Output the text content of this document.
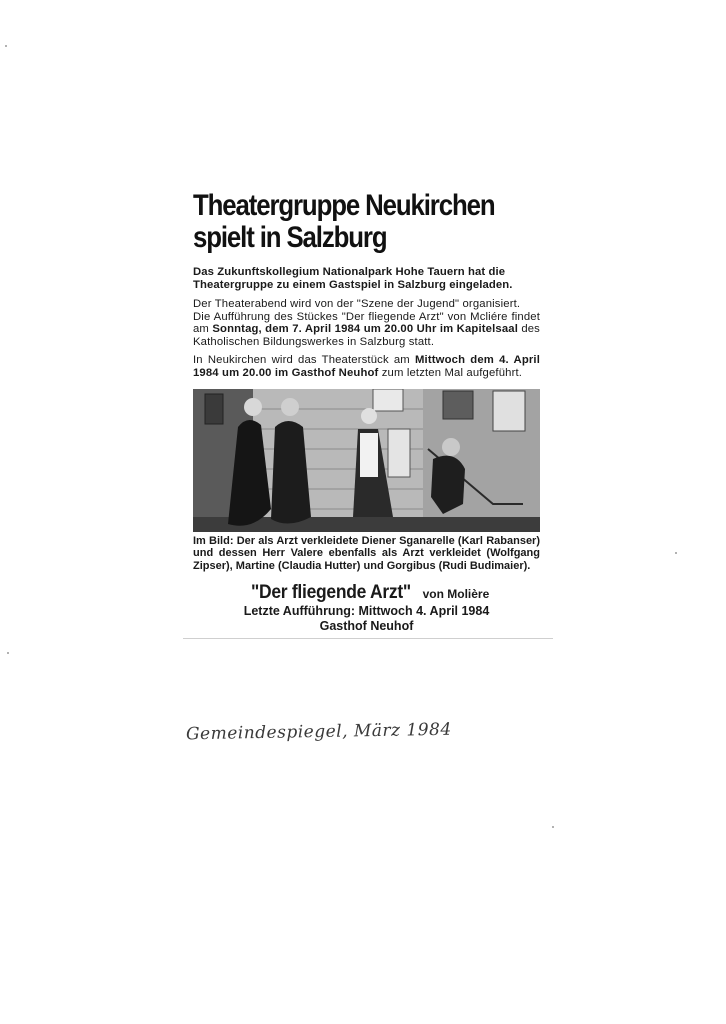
Theatergruppe Neukirchen spielt in Salzburg

Das Zukunftskollegium Nationalpark Hohe Tauern hat die Theatergruppe zu einem Gastspiel in Salzburg eingeladen.

Der Theaterabend wird von der "Szene der Jugend" organisiert.

Die Aufführung des Stückes "Der fliegende Arzt" von Mcliére findet am Sonntag, dem 7. April 1984 um 20.00 Uhr im Kapitelsaal des Katholischen Bildungswerkes in Salzburg statt.

In Neukirchen wird das Theaterstück am Mittwoch dem 4. April 1984 um 20.00 im Gasthof Neuhof zum letzten Mal aufgeführt.

Im Bild: Der als Arzt verkleidete Diener Sganarelle (Karl Rabanser) und dessen Herr Valere ebenfalls als Arzt verkleidet (Wolfgang Zipser), Martine (Claudia Hutter) und Gorgibus (Rudi Budimaier).

"Der fliegende Arzt" von Molière
Letzte Aufführung: Mittwoch 4. April 1984
Gasthof Neuhof
Gemeindespiegel, März 1984
